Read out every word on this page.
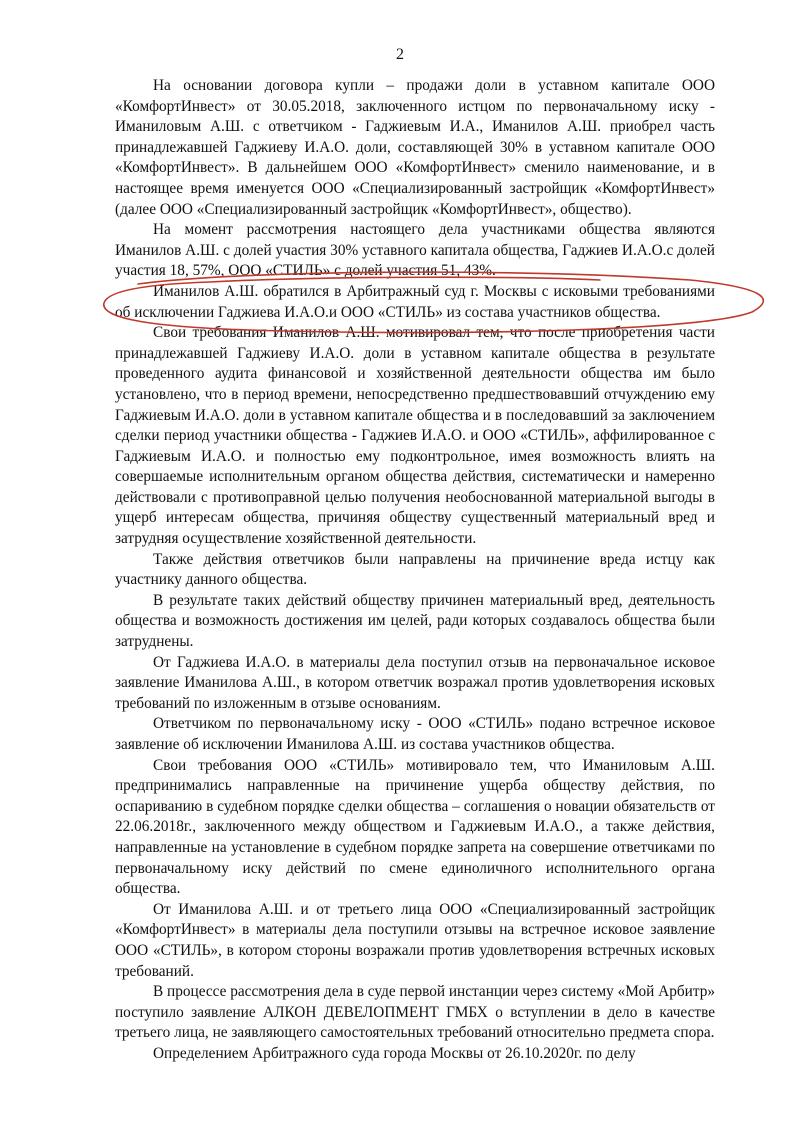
2

На основании договора купли – продажи доли в уставном капитале ООО «КомфортИнвест» от 30.05.2018, заключенного истцом по первоначальному иску - Иманиловым А.Ш. с ответчиком - Гаджиевым И.А., Иманилов А.Ш. приобрел часть принадлежавшей Гаджиеву И.А.О. доли, составляющей 30% в уставном капитале ООО «КомфортИнвест». В дальнейшем ООО «КомфортИнвест» сменило наименование, и в настоящее время именуется ООО «Специализированный застройщик «КомфортИнвест» (далее ООО «Специализированный застройщик «КомфортИнвест», общество).

На момент рассмотрения настоящего дела участниками общества являются Иманилов А.Ш. с долей участия 30% уставного капитала общества, Гаджиев И.А.О.с долей участия 18, 57%, ООО «СТИЛЬ» с долей участия 51, 43%.

Иманилов А.Ш. обратился в Арбитражный суд г. Москвы с исковыми требованиями об исключении Гаджиева И.А.О.и ООО «СТИЛЬ» из состава участников общества.

Свои требования Иманилов А.Ш. мотивировал тем, что после приобретения части принадлежавшей Гаджиеву И.А.О. доли в уставном капитале общества в результате проведенного аудита финансовой и хозяйственной деятельности общества им было установлено, что в период времени, непосредственно предшествовавший отчуждению ему Гаджиевым И.А.О. доли в уставном капитале общества и в последовавший за заключением сделки период участники общества - Гаджиев И.А.О. и ООО «СТИЛЬ», аффилированное с Гаджиевым И.А.О. и полностью ему подконтрольное, имея возможность влиять на совершаемые исполнительным органом общества действия, систематически и намеренно действовали с противоправной целью получения необоснованной материальной выгоды в ущерб интересам общества, причиняя обществу существенный материальный вред и затрудняя осуществление хозяйственной деятельности.

Также действия ответчиков были направлены на причинение вреда истцу как участнику данного общества.

В результате таких действий обществу причинен материальный вред, деятельность общества и возможность достижения им целей, ради которых создавалось общества были затруднены.

От Гаджиева И.А.О. в материалы дела поступил отзыв на первоначальное исковое заявление Иманилова А.Ш., в котором ответчик возражал против удовлетворения исковых требований по изложенным в отзыве основаниям.

Ответчиком по первоначальному иску - ООО «СТИЛЬ» подано встречное исковое заявление об исключении Иманилова А.Ш. из состава участников общества.

Свои требования ООО «СТИЛЬ» мотивировало тем, что Иманиловым А.Ш. предпринимались направленные на причинение ущерба обществу действия, по оспариванию в судебном порядке сделки общества – соглашения о новации обязательств от 22.06.2018г., заключенного между обществом и Гаджиевым И.А.О., а также действия, направленные на установление в судебном порядке запрета на совершение ответчиками по первоначальному иску действий по смене единоличного исполнительного органа общества.

От Иманилова А.Ш. и от третьего лица ООО «Специализированный застройщик «КомфортИнвест» в материалы дела поступили отзывы на встречное исковое заявление ООО «СТИЛЬ», в котором стороны возражали против удовлетворения встречных исковых требований.

В процессе рассмотрения дела в суде первой инстанции через систему «Мой Арбитр» поступило заявление АЛКОН ДЕВЕЛОПМЕНТ ГМБХ о вступлении в дело в качестве третьего лица, не заявляющего самостоятельных требований относительно предмета спора.

Определением Арбитражного суда города Москвы от 26.10.2020г. по делу
